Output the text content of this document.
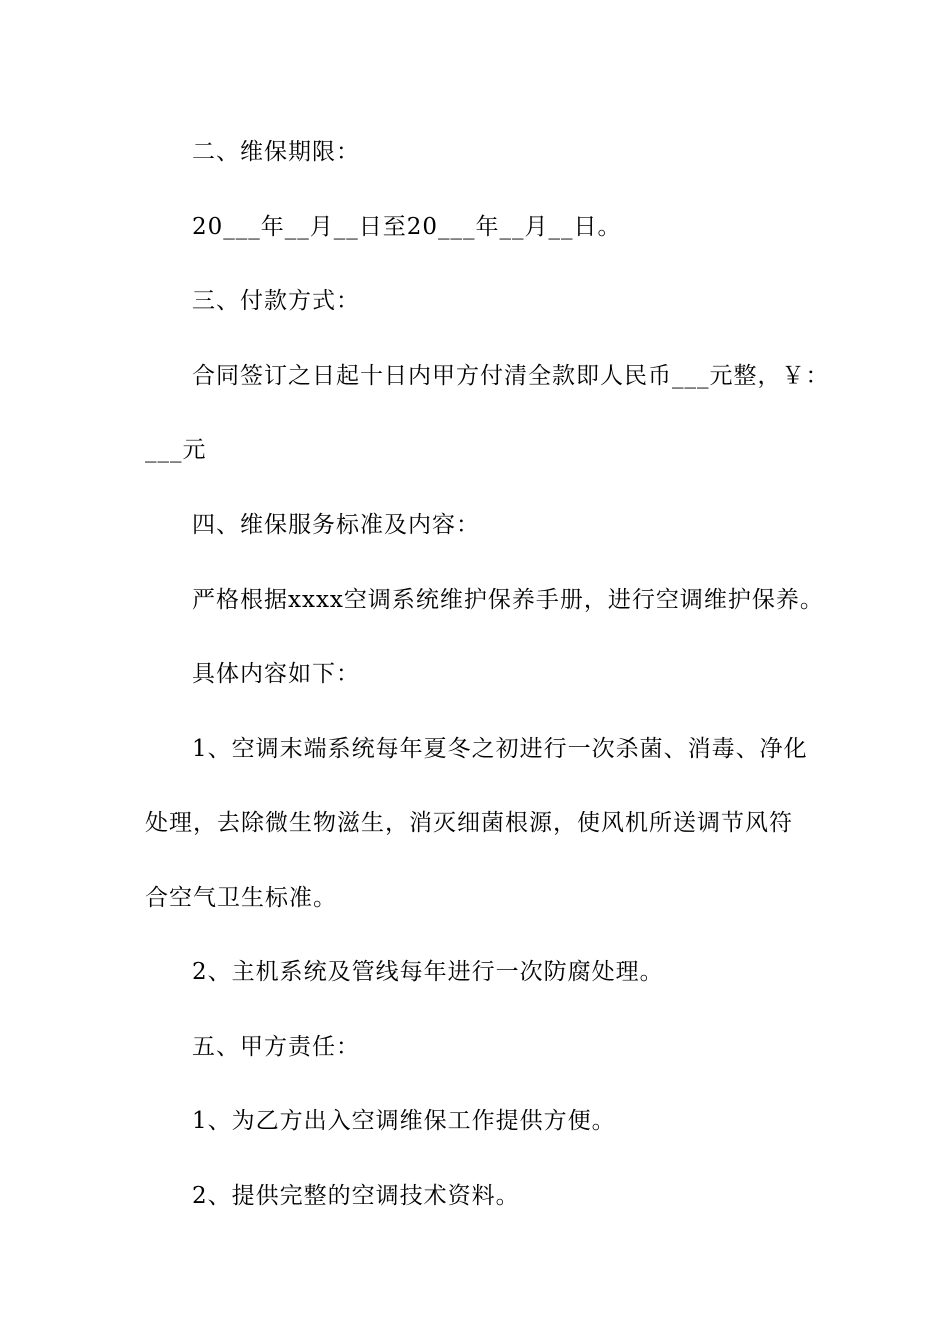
二、维保期限：
20___年__月__日至20___年__月__日。
三、付款方式：
合同签订之日起十日内甲方付清全款即人民币___元整，￥：
___元
四、维保服务标准及内容：
严格根据xxxx空调系统维护保养手册，进行空调维护保养。
具体内容如下：
1、空调末端系统每年夏冬之初进行一次杀菌、消毒、净化
处理，去除微生物滋生，消灭细菌根源，使风机所送调节风符
合空气卫生标准。
2、主机系统及管线每年进行一次防腐处理。
五、甲方责任：
1、为乙方出入空调维保工作提供方便。
2、提供完整的空调技术资料。
